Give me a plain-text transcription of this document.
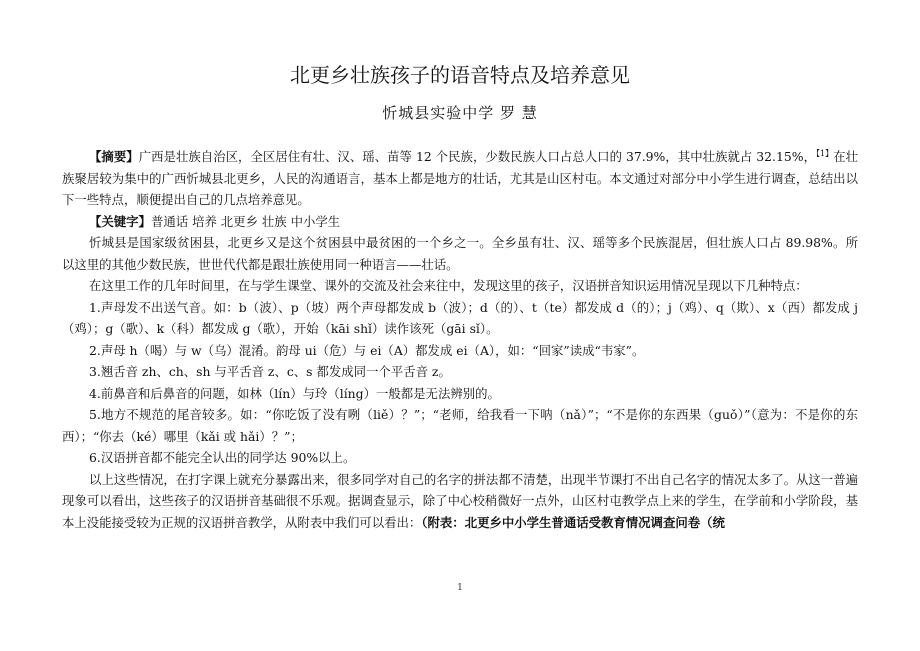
北更乡壮族孩子的语音特点及培养意见
忻城县实验中学 罗 慧

【摘要】广西是壮族自治区，全区居住有壮、汉、瑶、苗等 12 个民族，少数民族人口占总人口的 37.9%，其中壮族就占 32.15%，$^{【1】}$在壮族聚居较为集中的广西忻城县北更乡，人民的沟通语言，基本上都是地方的壮话，尤其是山区村屯。本文通过对部分中小学生进行调查，总结出以下一些特点，顺便提出自己的几点培养意见。

【关键字】普通话 培养 北更乡 壮族 中小学生

忻城县是国家级贫困县，北更乡又是这个贫困县中最贫困的一个乡之一。全乡虽有壮、汉、瑶等多个民族混居，但壮族人口占 89.98%。所以这里的其他少数民族，世世代代都是跟壮族使用同一种语言——壮话。

在这里工作的几年时间里，在与学生课堂、课外的交流及社会来往中，发现这里的孩子，汉语拼音知识运用情况呈现以下几种特点：

1.声母发不出送气音。如：b（波）、p（坡）两个声母都发成 b（波）；d（的）、t（te）都发成 d（的）；j（鸡）、q（欺）、x（西）都发成 j（鸡）；g（歌）、k（科）都发成 g（歌），开始（kāi shǐ）读作该死（gāi sǐ）。

2.声母 h（喝）与 w（乌）混淆。韵母 ui（危）与 ei（A）都发成 ei（A），如：“回家”读成“韦家”。

3.翘舌音 zh、ch、sh 与平舌音 z、c、s 都发成同一个平舌音 z。

4.前鼻音和后鼻音的问题，如林（lín）与玲（líng）一般都是无法辨别的。

5.地方不规范的尾音较多。如：“你吃饭了没有咧（liě）？”；“老师，给我看一下呐（nǎ）”；“不是你的东西果（guǒ）”（意为：不是你的东西）；“你去（ké）哪里（kǎi 或 hǎi）？”；

6.汉语拼音都不能完全认出的同学达 90%以上。

以上这些情况，在打字课上就充分暴露出来，很多同学对自己的名字的拼法都不清楚，出现半节课打不出自己名字的情况太多了。从这一普遍现象可以看出，这些孩子的汉语拼音基础很不乐观。据调查显示，除了中心校稍微好一点外，山区村屯教学点上来的学生，在学前和小学阶段，基本上没能接受较为正规的汉语拼音教学，从附表中我们可以看出：（附表：北更乡中小学生普通话受教育情况调查问卷（统

1
